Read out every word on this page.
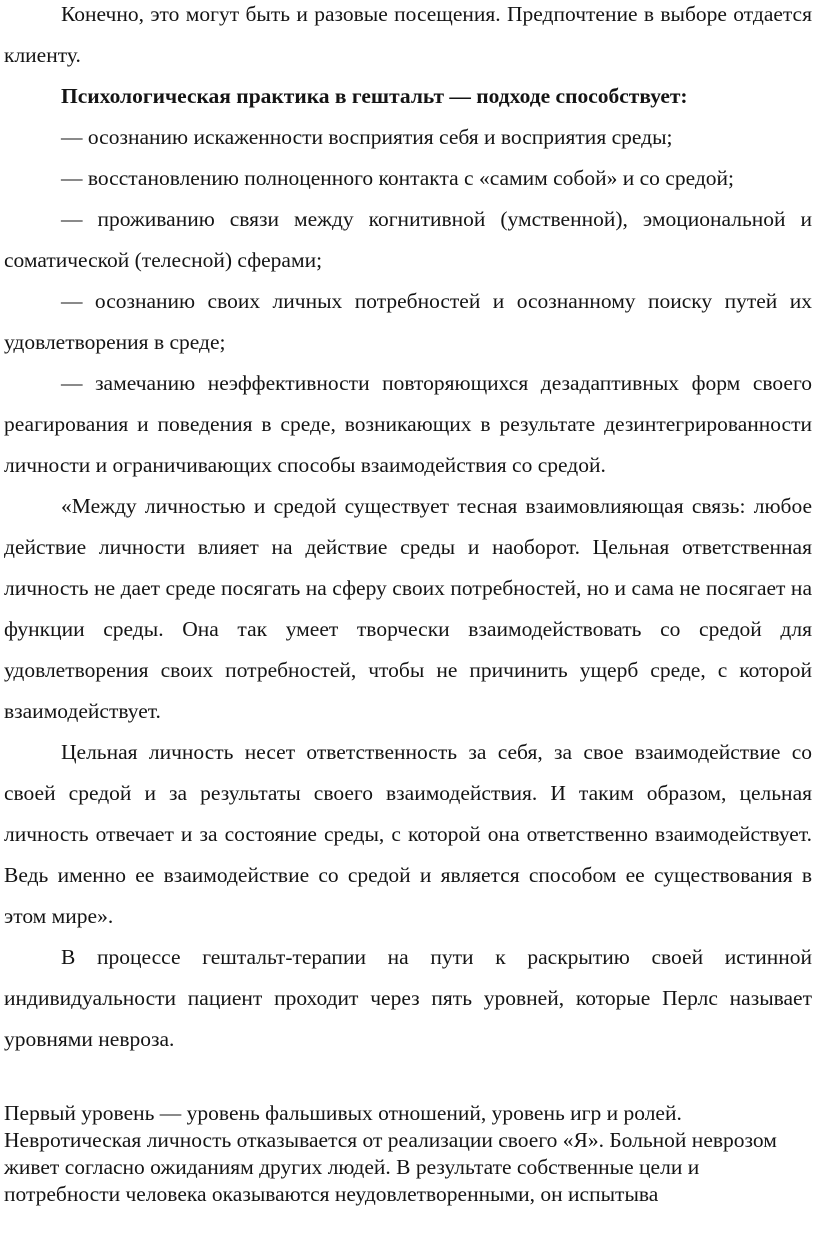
Конечно, это могут быть и разовые посещения. Предпочтение в выборе отдается клиенту.

Психологическая практика в гештальт — подходе способствует:

— осознанию искаженности восприятия себя и восприятия среды;

— восстановлению полноценного контакта с «самим собой» и со средой;

— проживанию связи между когнитивной (умственной), эмоциональной и соматической (телесной) сферами;

— осознанию своих личных потребностей и осознанному поиску путей их удовлетворения в среде;

— замечанию неэффективности повторяющихся дезадаптивных форм своего реагирования и поведения в среде, возникающих в результате дезинтегрированности личности и ограничивающих способы взаимодействия со средой.

«Между личностью и средой существует тесная взаимовлияющая связь: любое действие личности влияет на действие среды и наоборот. Цельная ответственная личность не дает среде посягать на сферу своих потребностей, но и сама не посягает на функции среды. Она так умеет творчески взаимодействовать со средой для удовлетворения своих потребностей, чтобы не причинить ущерб среде, с которой взаимодействует.

Цельная личность несет ответственность за себя, за свое взаимодействие со своей средой и за результаты своего взаимодействия. И таким образом, цельная личность отвечает и за состояние среды, с которой она ответственно взаимодействует. Ведь именно ее взаимодействие со средой и является способом ее существования в этом мире».

В процессе гештальт-терапии на пути к раскрытию своей истинной индивидуальности пациент проходит через пять уровней, которые Перлс называет уровнями невроза.

Первый уровень — уровень фальшивых отношений, уровень игр и ролей. Невротическая личность отказывается от реализации своего «Я». Больной неврозом живет согласно ожиданиям других людей. В результате собственные цели и потребности человека оказываются неудовлетворенными, он испытыва
